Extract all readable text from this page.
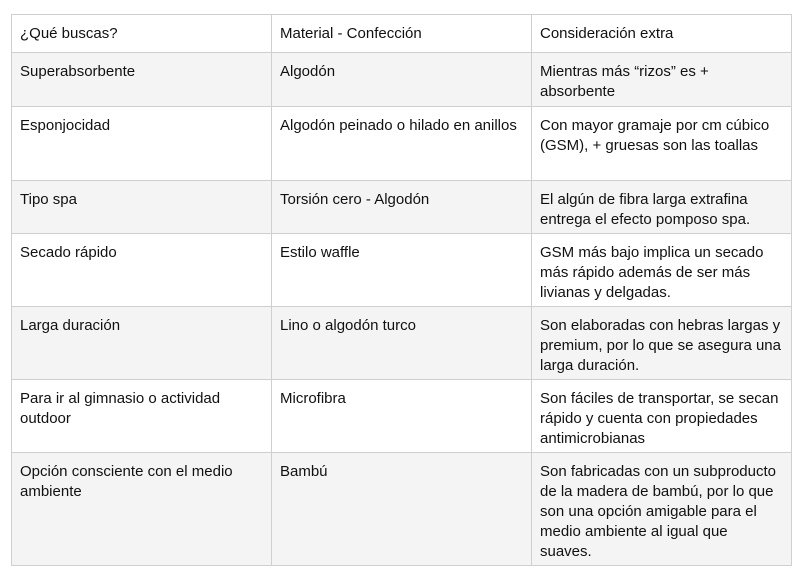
¿Qué buscas?	Material - Confección	Consideración extra
Superabsorbente	Algodón	Mientras más “rizos” es + absorbente
Esponjocidad	Algodón peinado o hilado en anillos	Con mayor gramaje por cm cúbico (GSM), + gruesas son las toallas
Tipo spa	Torsión cero - Algodón	El algún de fibra larga extrafina entrega el efecto pomposo spa.
Secado rápido	Estilo waffle	GSM más bajo implica un secado más rápido además de ser más livianas y delgadas.
Larga duración	Lino o algodón turco	Son elaboradas con hebras largas y premium, por lo que se asegura una larga duración.
Para ir al gimnasio o actividad outdoor	Microfibra	Son fáciles de transportar, se secan rápido y cuenta con propiedades antimicrobianas
Opción consciente con el medio ambiente	Bambú	Son fabricadas con un subproducto de la madera de bambú, por lo que son una opción amigable para el medio ambiente al igual que suaves.
